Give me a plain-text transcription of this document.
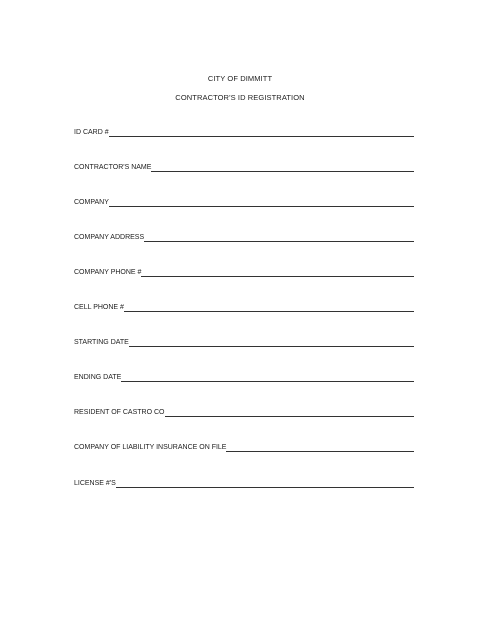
CITY OF DIMMITT
CONTRACTOR'S ID REGISTRATION
ID CARD #
CONTRACTOR'S NAME
COMPANY
COMPANY ADDRESS
COMPANY PHONE #
CELL PHONE #
STARTING DATE
ENDING DATE
RESIDENT OF CASTRO CO
COMPANY OF LIABILITY INSURANCE ON FILE
LICENSE #'S
